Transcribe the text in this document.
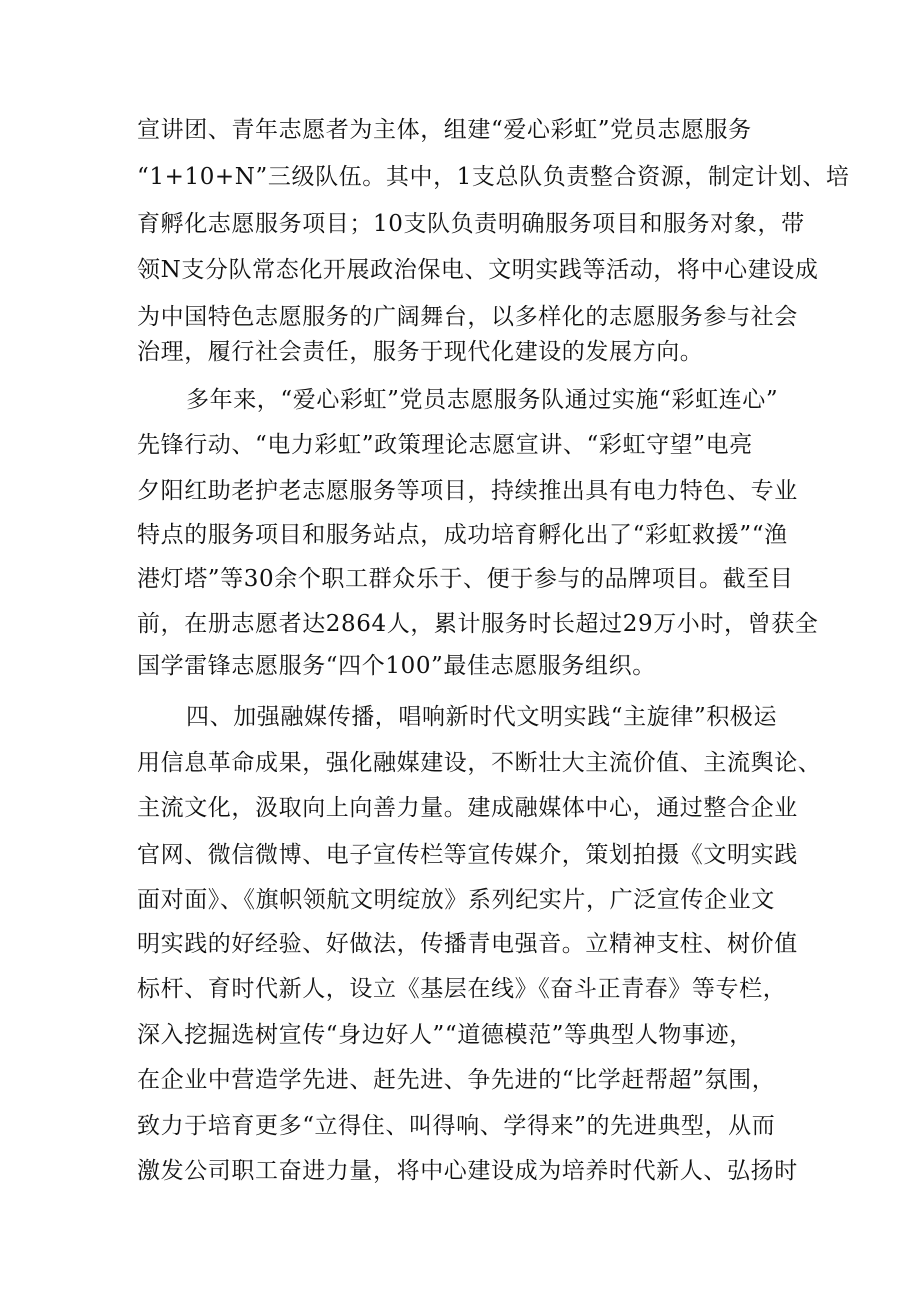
宣讲团、青年志愿者为主体，组建“爱心彩虹”党员志愿服务

“1+10+N”三级队伍。其中，1支总队负责整合资源，制定计划、培

育孵化志愿服务项目；10支队负责明确服务项目和服务对象，带

领N支分队常态化开展政治保电、文明实践等活动，将中心建设成

为中国特色志愿服务的广阔舞台，以多样化的志愿服务参与社会

治理，履行社会责任，服务于现代化建设的发展方向。

多年来，“爱心彩虹”党员志愿服务队通过实施“彩虹连心”

先锋行动、“电力彩虹”政策理论志愿宣讲、“彩虹守望”电亮

夕阳红助老护老志愿服务等项目，持续推出具有电力特色、专业

特点的服务项目和服务站点，成功培育孵化出了“彩虹救援”“渔

港灯塔”等30余个职工群众乐于、便于参与的品牌项目。截至目

前，在册志愿者达2864人，累计服务时长超过29万小时，曾获全

国学雷锋志愿服务“四个100”最佳志愿服务组织。

四、加强融媒传播，唱响新时代文明实践“主旋律”积极运

用信息革命成果，强化融媒建设，不断壮大主流价值、主流舆论、

主流文化，汲取向上向善力量。建成融媒体中心，通过整合企业

官网、微信微博、电子宣传栏等宣传媒介，策划拍摄《文明实践

面对面》、《旗帜领航文明绽放》系列纪实片，广泛宣传企业文

明实践的好经验、好做法，传播青电强音。立精神支柱、树价值

标杆、育时代新人，设立《基层在线》《奋斗正青春》等专栏，

深入挖掘选树宣传“身边好人”“道德模范”等典型人物事迹，

在企业中营造学先进、赶先进、争先进的“比学赶帮超”氛围，

致力于培育更多“立得住、叫得响、学得来”的先进典型，从而

激发公司职工奋进力量，将中心建设成为培养时代新人、弘扬时
